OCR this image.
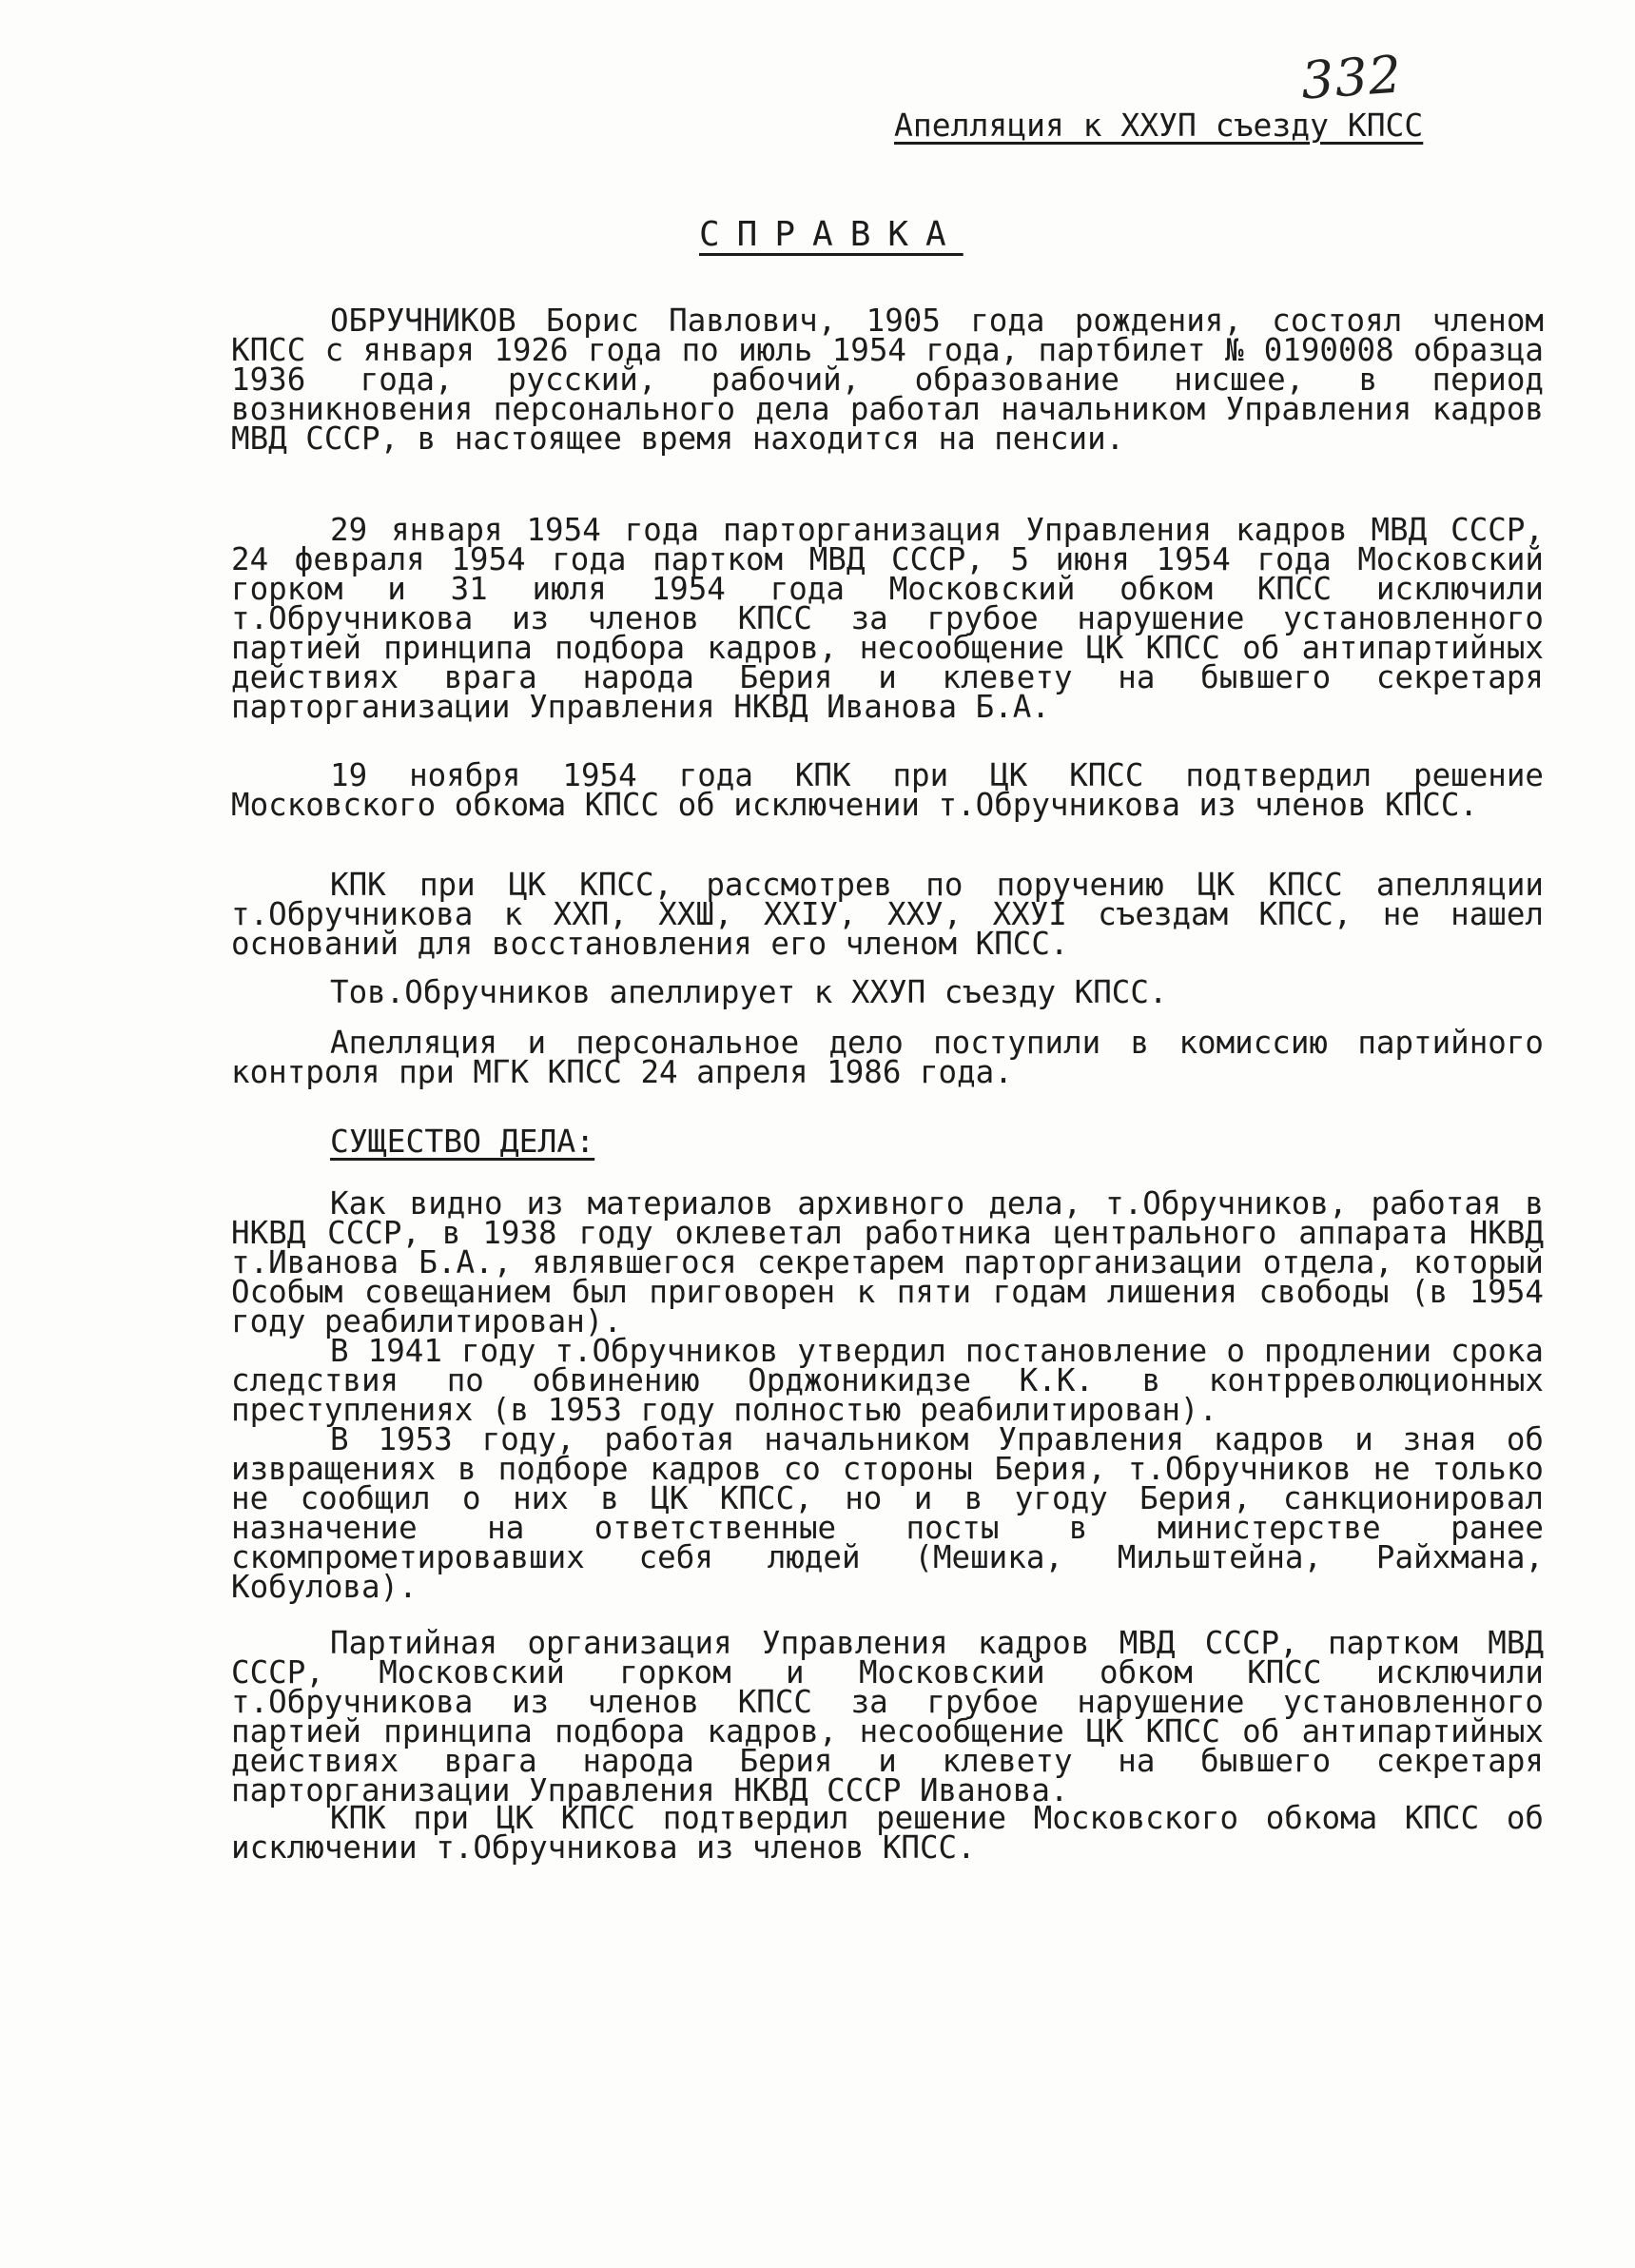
332
Апелляция к ХХУП съезду КПСС
СПРАВКА

ОБРУЧНИКОВ Борис Павлович, 1905 года рождения, состоял членом КПСС с января 1926 года по июль 1954 года, партбилет № 0190008 образца 1936 года, русский, рабочий, образование нисшее, в период возникновения персонального дела работал начальником Управления кадров МВД СССР, в настоящее время находится на пенсии.

29 января 1954 года парторганизация Управления кадров МВД СССР, 24 февраля 1954 года партком МВД СССР, 5 июня 1954 года Московский горком и 31 июля 1954 года Московский обком КПСС исключили т.Обручникова из членов КПСС за грубое нарушение установленного партией принципа подбора кадров, несообщение ЦК КПСС об антипартийных действиях врага народа Берия и клевету на бывшего секретаря парторганизации Управления НКВД Иванова Б.А.

19 ноября 1954 года КПК при ЦК КПСС подтвердил решение Московского обкома КПСС об исключении т.Обручникова из членов КПСС.

КПК при ЦК КПСС, рассмотрев по поручению ЦК КПСС апелляции т.Обручникова к ХХП, ХХШ, XXIУ, ХХУ, ХХУI съездам КПСС, не нашел оснований для восстановления его членом КПСС.

Тов.Обручников апеллирует к ХХУП съезду КПСС.

Апелляция и персональное дело поступили в комиссию партийного контроля при МГК КПСС 24 апреля 1986 года.

СУЩЕСТВО ДЕЛА:

Как видно из материалов архивного дела, т.Обручников, работая в НКВД СССР, в 1938 году оклеветал работника центрального аппарата НКВД т.Иванова Б.А., являвшегося секретарем парторганизации отдела, который Особым совещанием был приговорен к пяти годам лишения свободы (в 1954 году реабилитирован).

В 1941 году т.Обручников утвердил постановление о продлении срока следствия по обвинению Орджоникидзе К.К. в контрреволюционных преступлениях (в 1953 году полностью реабилитирован).

В 1953 году, работая начальником Управления кадров и зная об извращениях в подборе кадров со стороны Берия, т.Обручников не только не сообщил о них в ЦК КПСС, но и в угоду Берия, санкционировал назначение на ответственные посты в министерстве ранее скомпрометировавших себя людей (Мешика, Мильштейна, Райхмана, Кобулова).

Партийная организация Управления кадров МВД СССР, партком МВД СССР, Московский горком и Московский обком КПСС исключили т.Обручникова из членов КПСС за грубое нарушение установленного партией принципа подбора кадров, несообщение ЦК КПСС об антипартийных действиях врага народа Берия и клевету на бывшего секретаря парторганизации Управления НКВД СССР Иванова.

КПК при ЦК КПСС подтвердил решение Московского обкома КПСС об исключении т.Обручникова из членов КПСС.
